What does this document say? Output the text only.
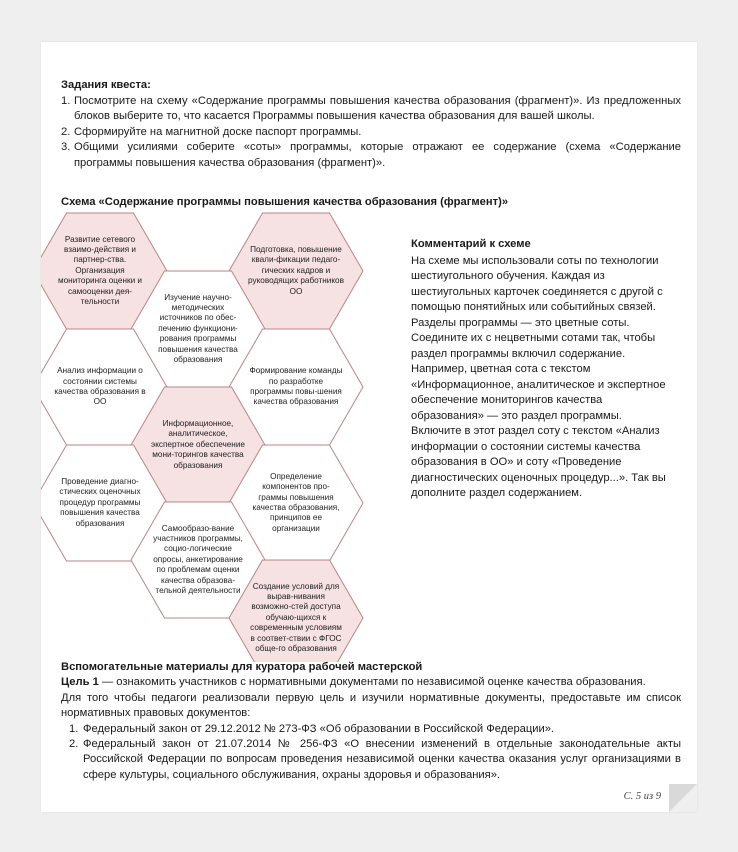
Задания квеста:
1. Посмотрите на схему «Содержание программы повышения качества образования (фрагмент)». Из предложенных блоков выберите то, что касается Программы повышения качества образования для вашей школы.
2. Сформируйте на магнитной доске паспорт программы.
3. Общими усилиями соберите «соты» программы, которые отражают ее содержание (схема «Содержание программы повышения качества образования (фрагмент)».
Схема «Содержание программы повышения качества образования (фрагмент)»
Развитие сетевого взаимо-действия и партнер-ства. Организация мониторинга оценки и самооценки дея-тельности
Подготовка, повышение квали-фикации педаго-гических кадров и руководящих работников ОО
Изучение научно-методических источников по обес-печению функциони-рования программы повышения качества образования
Анализ информации о состоянии системы качества образования в ОО
Формирование команды по разработке программы повы-шения качества образования
Информационное, аналитическое, экспертное обеспечение мони-торингов качества образования
Проведение диагно-стических оценочных процедур программы повышения качества образования
Определение компонентов про-граммы повышения качества образования, принципов ее организации
Самообразо-вание участников программы, социо-логические опросы, анкетирование по проблемам оценки качества образова-тельной деятельности	Создание условий для вырав-нивания возможно-стей доступа обучаю-щихся к современным условиям в соответ-ствии с ФГОС обще-го образования
Комментарий к схеме
На схеме мы использовали соты по технологии шестиугольного обучения. Каждая из шестиугольных карточек соединяется с другой с помощью понятийных или событийных связей. Разделы программы — это цветные соты. Соедините их с нецветными сотами так, чтобы раздел программы включил содержание. Например, цветная сота с текстом «Информационное, аналитическое и экспертное обеспечение мониторингов качества образования» — это раздел программы. Включите в этот раздел соту с текстом «Анализ информации о состоянии системы качества образования в ОО» и соту «Проведение диагностических оценочных процедур...». Так вы дополните раздел содержанием.
Вспомогательные материалы для куратора рабочей мастерской

Цель 1 — ознакомить участников с нормативными документами по независимой оценке качества образования.

Для того чтобы педагоги реализовали первую цель и изучили нормативные документы, предоставьте им список нормативных правовых документов:

1. Федеральный закон от 29.12.2012 № 273-ФЗ «Об образовании в Российской Федерации».
2. Федеральный закон от 21.07.2014 № 256-ФЗ «О внесении изменений в отдельные законодательные акты Российской Федерации по вопросам проведения независимой оценки качества оказания услуг организациями в сфере культуры, социального обслуживания, охраны здоровья и образования».
С. 5 из 9
